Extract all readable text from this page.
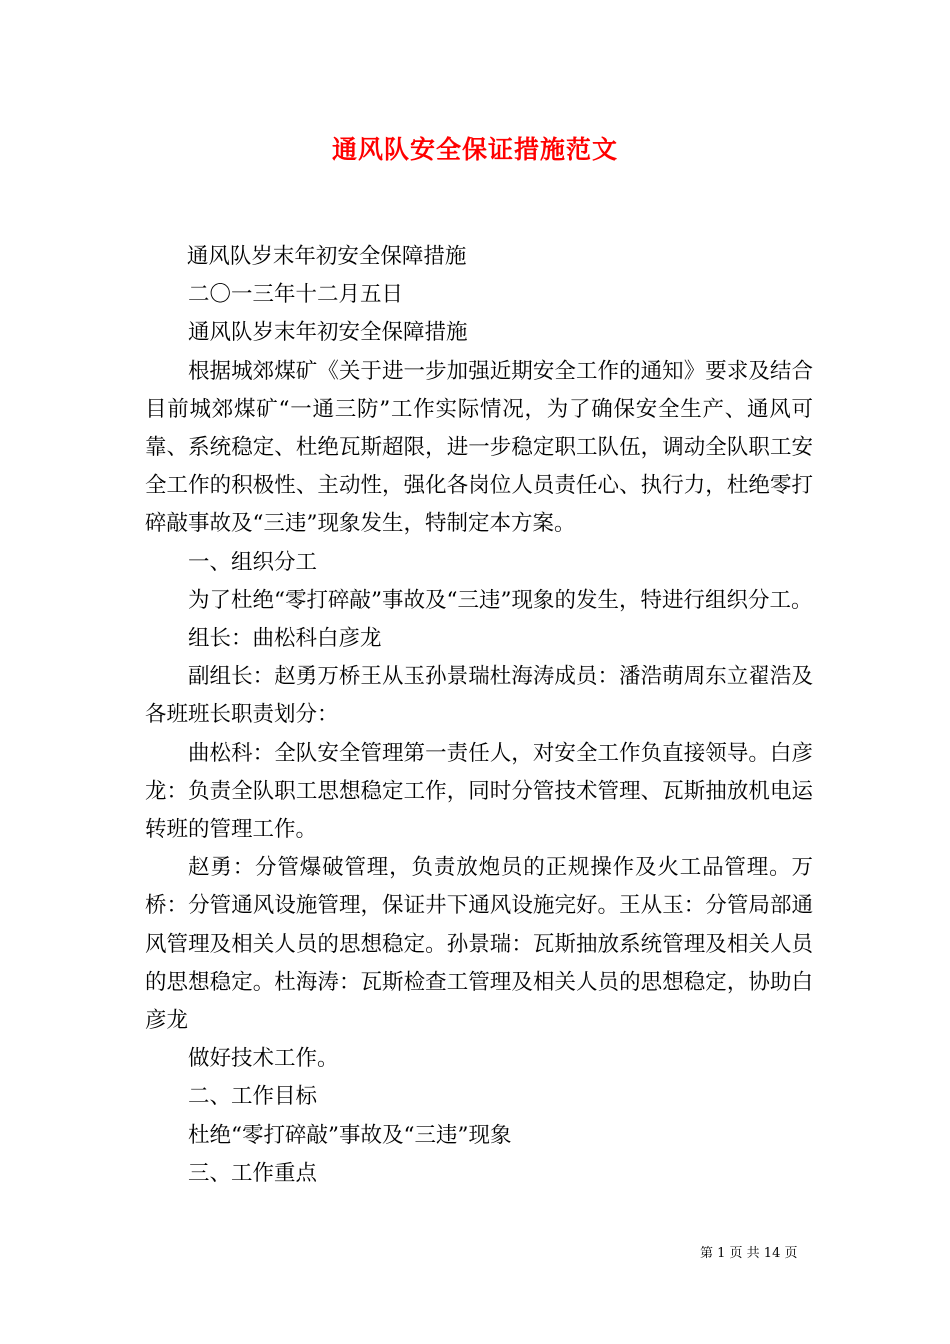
通风队安全保证措施范文

通风队岁末年初安全保障措施

二〇一三年十二月五日

通风队岁末年初安全保障措施

根据城郊煤矿《关于进一步加强近期安全工作的通知》要求及结合目前城郊煤矿“一通三防”工作实际情况，为了确保安全生产、通风可靠、系统稳定、杜绝瓦斯超限，进一步稳定职工队伍，调动全队职工安全工作的积极性、主动性，强化各岗位人员责任心、执行力，杜绝零打碎敲事故及“三违”现象发生，特制定本方案。

一、组织分工

为了杜绝“零打碎敲”事故及“三违”现象的发生，特进行组织分工。

组长：曲松科白彦龙

副组长：赵勇万桥王从玉孙景瑞杜海涛成员：潘浩萌周东立翟浩及各班班长职责划分：

曲松科：全队安全管理第一责任人，对安全工作负直接领导。白彦龙：负责全队职工思想稳定工作，同时分管技术管理、瓦斯抽放机电运转班的管理工作。

赵勇：分管爆破管理，负责放炮员的正规操作及火工品管理。万桥：分管通风设施管理，保证井下通风设施完好。王从玉：分管局部通风管理及相关人员的思想稳定。孙景瑞：瓦斯抽放系统管理及相关人员的思想稳定。杜海涛：瓦斯检查工管理及相关人员的思想稳定，协助白彦龙

做好技术工作。

二、工作目标

杜绝“零打碎敲”事故及“三违”现象

三、工作重点

第 1 页 共 14 页
